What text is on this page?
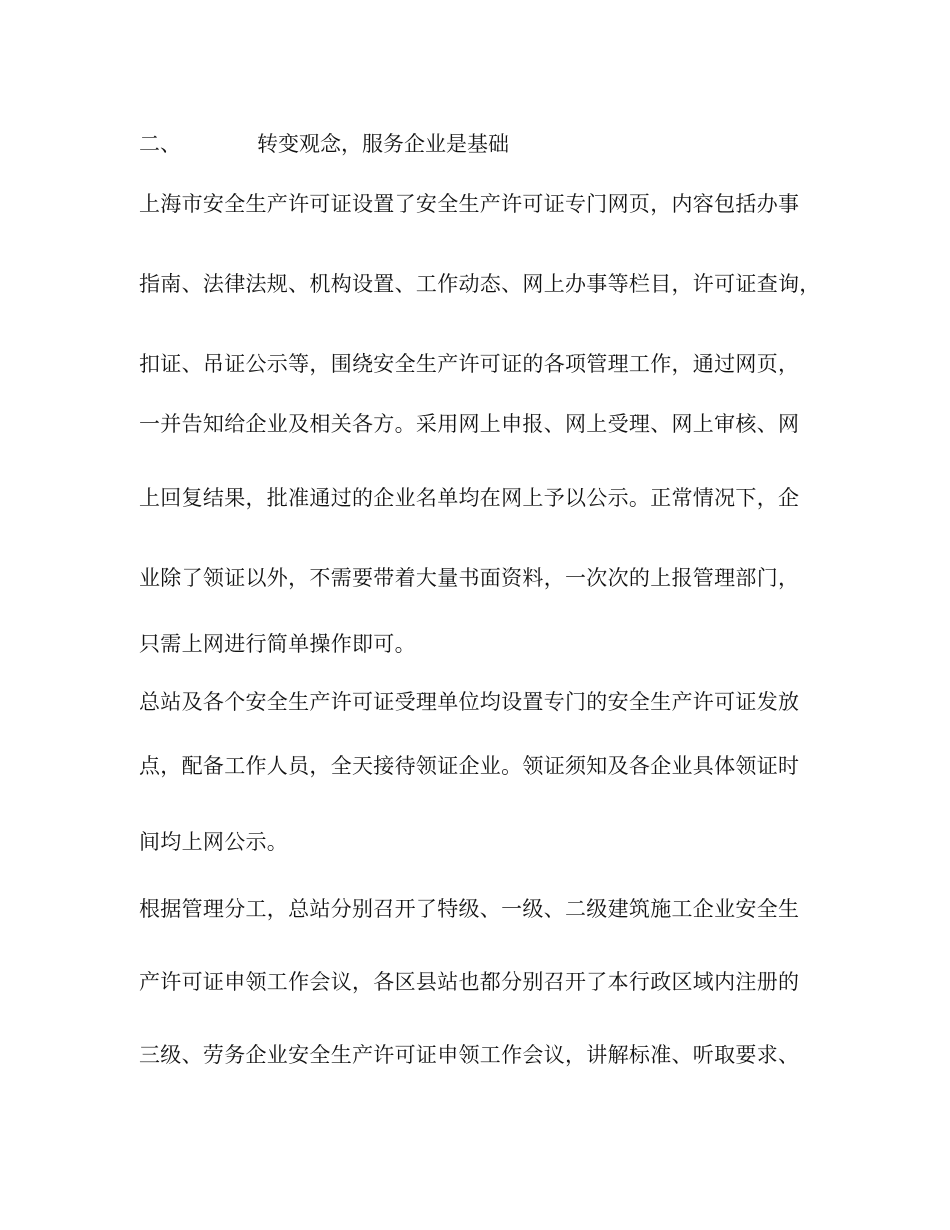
二、	转变观念，服务企业是基础
上海市安全生产许可证设置了安全生产许可证专门网页，内容包括办事
指南、法律法规、机构设置、工作动态、网上办事等栏目，许可证查询，
扣证、吊证公示等，围绕安全生产许可证的各项管理工作，通过网页，
一并告知给企业及相关各方。采用网上申报、网上受理、网上审核、网
上回复结果，批准通过的企业名单均在网上予以公示。正常情况下，企
业除了领证以外，不需要带着大量书面资料，一次次的上报管理部门，
只需上网进行简单操作即可。
总站及各个安全生产许可证受理单位均设置专门的安全生产许可证发放
点，配备工作人员，全天接待领证企业。领证须知及各企业具体领证时
间均上网公示。
根据管理分工，总站分别召开了特级、一级、二级建筑施工企业安全生
产许可证申领工作会议，各区县站也都分别召开了本行政区域内注册的
三级、劳务企业安全生产许可证申领工作会议，讲解标准、听取要求、
